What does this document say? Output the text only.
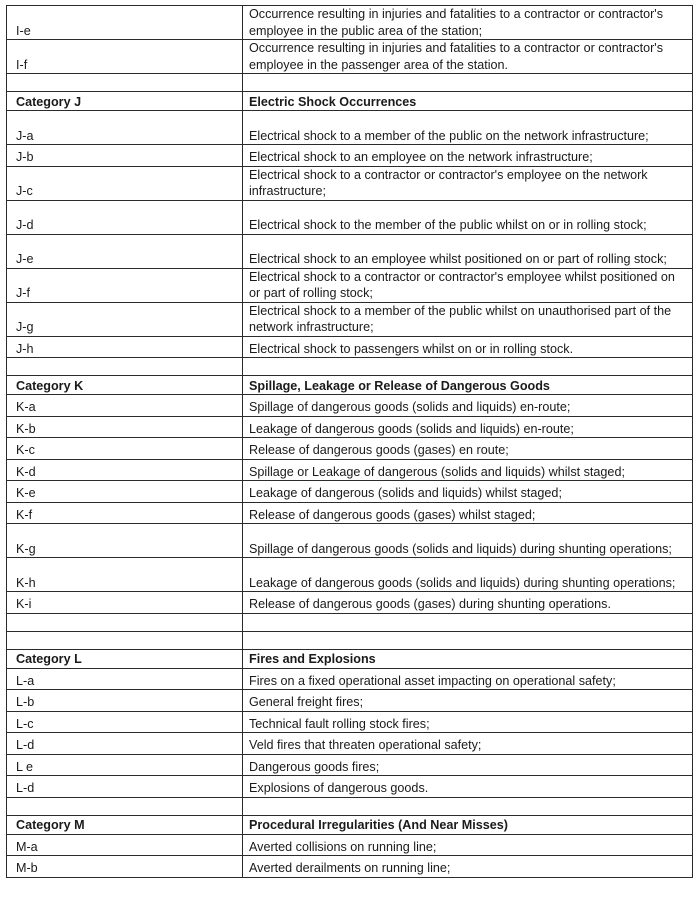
I-e	Occurrence resulting in injuries and fatalities to a contractor or contractor's employee in the public area of the station;
I-f	Occurrence resulting in injuries and fatalities to a contractor or contractor's employee in the passenger area of the station.

Category J	Electric Shock Occurrences
J-a	Electrical shock to a member of the public on the network infrastructure;
J-b	Electrical shock to an employee on the network infrastructure;
J-c	Electrical shock to a contractor or contractor's employee on the network infrastructure;
J-d	Electrical shock to the member of the public whilst on or in rolling stock;
J-e	Electrical shock to an employee whilst positioned on or part of rolling stock;
J-f	Electrical shock to a contractor or contractor's employee whilst positioned on or part of rolling stock;
J-g	Electrical shock to a member of the public whilst on unauthorised part of the network infrastructure;
J-h	Electrical shock to passengers whilst on or in rolling stock.

Category K	Spillage, Leakage or Release of Dangerous Goods
K-a	Spillage of dangerous goods (solids and liquids) en-route;
K-b	Leakage of dangerous goods (solids and liquids) en-route;
K-c	Release of dangerous goods (gases) en route;
K-d	Spillage or Leakage of dangerous (solids and liquids) whilst staged;
K-e	Leakage of dangerous (solids and liquids) whilst staged;
K-f	Release of dangerous goods (gases) whilst staged;
K-g	Spillage of dangerous goods (solids and liquids) during shunting operations;
K-h	Leakage of dangerous goods (solids and liquids) during shunting operations;
K-i	Release of dangerous goods (gases) during shunting operations.

Category L	Fires and Explosions
L-a	Fires on a fixed operational asset impacting on operational safety;
L-b	General freight fires;
L-c	Technical fault rolling stock fires;
L-d	Veld fires that threaten operational safety;
L e	Dangerous goods fires;
L-d	Explosions of dangerous goods.

Category M	Procedural Irregularities (And Near Misses)
M-a	Averted collisions on running line;
M-b	Averted derailments on running line;
